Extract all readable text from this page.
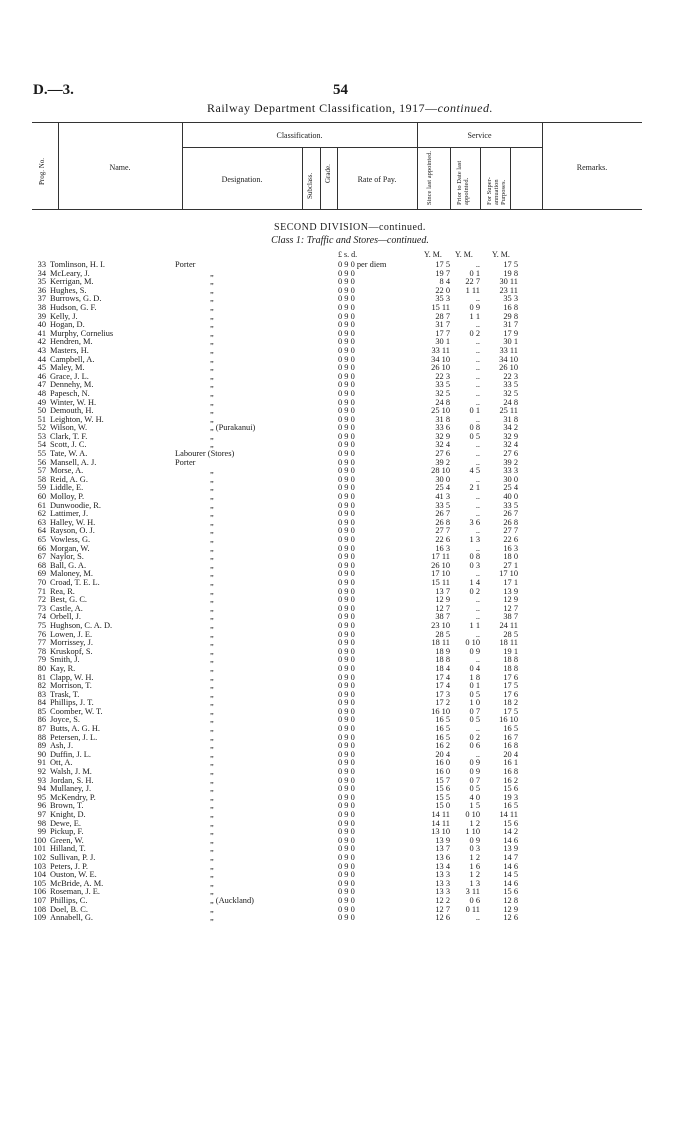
D.—3.	54
Railway Department Classification, 1917—continued.
Prog. No.	Name.
Classification.
Designation.	Subclass. Grade.	Rate of Pay.
Service
Since last appointed.	Prior to Date last appointed. For Super-annuation Purposes.
Remarks.
SECOND DIVISION—continued.
Class 1: Traffic and Stores—continued.
£ s. d.	Y. M. Y. M. Y. M.
33 Tomlinson, H. I.	Porter	0 9 0 per diem	17 5	..	17 5
34 McLeary, J.	„	0 9 0	19 7	0 1	19 8
35 Kerrigan, M.	„	0 9 0	8 4	22 7	30 11
36 Hughes, S.	„	0 9 0	22 0	1 11	23 11
37 Burrows, G. D.	„	0 9 0	35 3	..	35 3
38 Hudson, G. F.	„	0 9 0	15 11	0 9	16 8
39 Kelly, J.	„	0 9 0	28 7	1 1	29 8
40 Hogan, D.	„	0 9 0	31 7	..	31 7
41 Murphy, Cornelius	„	0 9 0	17 7	0 2	17 9
42 Hendren, M.	„	0 9 0	30 1	..	30 1
43 Masters, H.	„	0 9 0	33 11	..	33 11
44 Campbell, A.	„	0 9 0	34 10	..	34 10
45 Maley, M.	„	0 9 0	26 10	..	26 10
46 Grace, J. L.	„	0 9 0	22 3	..	22 3
47 Dennehy, M.	„	0 9 0	33 5	..	33 5
48 Papesch, N.	„	0 9 0	32 5	..	32 5
49 Winter, W. H.	„	0 9 0	24 8	..	24 8
50 Demouth, H.	„	0 9 0	25 10	0 1	25 11
51 Leighton, W. H.	„	0 9 0	31 8	..	31 8
52 Wilson, W.	„ (Purakanui)	0 9 0	33 6	0 8	34 2
53 Clark, T. F.	„	0 9 0	32 9	0 5	32 9
54 Scott, J. C.	„	0 9 0	32 4	..	32 4
55 Tate, W. A.	Labourer (Stores)	0 9 0	27 6	..	27 6
56 Mansell, A. J.	Porter	0 9 0	39 2	..	39 2
57 Morse, A.	„	0 9 0	28 10	4 5	33 3
58 Reid, A. G.	„	0 9 0	30 0	..	30 0
59 Liddle, E.	„	0 9 0	25 4	2 1	25 4
60 Molloy, P.	„	0 9 0	41 3	..	40 0
61 Dunwoodie, R.	„	0 9 0	33 5	..	33 5
62 Lattimer, J.	„	0 9 0	26 7	..	26 7
63 Halley, W. H.	„	0 9 0	26 8	3 6	26 8
64 Rayson, O. J.	„	0 9 0	27 7	..	27 7
65 Vowless, G.	„	0 9 0	22 6	1 3	22 6
66 Morgan, W.	„	0 9 0	16 3	..	16 3
67 Naylor, S.	„	0 9 0	17 11	0 8	18 0
68 Ball, G. A.	„	0 9 0	26 10	0 3	27 1
69 Maloney, M.	„	0 9 0	17 10	..	17 10
70 Croad, T. E. L.	„	0 9 0	15 11	1 4	17 1
71 Rea, R.	„	0 9 0	13 7	0 2	13 9
72 Best, G. C.	„	0 9 0	12 9	..	12 9
73 Castle, A.	„	0 9 0	12 7	..	12 7
74 Orbell, J.	„	0 9 0	38 7	..	38 7
75 Hughson, C. A. D.	„	0 9 0	23 10	1 1	24 11
76 Lowen, J. E.	„	0 9 0	28 5	..	28 5
77 Morrissey, J.	„	0 9 0	18 11	0 10	18 11
78 Kruskopf, S.	„	0 9 0	18 9	0 9	19 1
79 Smith, J.	„	0 9 0	18 8	..	18 8
80 Kay, R.	„	0 9 0	18 4	0 4	18 8
81 Clapp, W. H.	„	0 9 0	17 4	1 8	17 6
82 Morrison, T.	„	0 9 0	17 4	0 1	17 5
83 Trask, T.	„	0 9 0	17 3	0 5	17 6
84 Phillips, J. T.	„	0 9 0	17 2	1 0	18 2
85 Coomber, W. T.	„	0 9 0	16 10	0 7	17 5
86 Joyce, S.	„	0 9 0	16 5	0 5	16 10
87 Butts, A. G. H.	„	0 9 0	16 5	..	16 5
88 Petersen, J. L.	„	0 9 0	16 5	0 2	16 7
89 Ash, J.	„	0 9 0	16 2	0 6	16 8
90 Duffin, J. L.	„	0 9 0	20 4	..	20 4
91 Ott, A.	„	0 9 0	16 0	0 9	16 1
92 Walsh, J. M.	„	0 9 0	16 0	0 9	16 8
93 Jordan, S. H.	„	0 9 0	15 7	0 7	16 2
94 Mullaney, J.	„	0 9 0	15 6	0 5	15 6
95 McKendry, P.	„	0 9 0	15 5	4 0	19 3
96 Brown, T.	„	0 9 0	15 0	1 5	16 5
97 Knight, D.	„	0 9 0	14 11	0 10	14 11
98 Dewe, E.	„	0 9 0	14 11	1 2	15 6
99 Pickup, F.	„	0 9 0	13 10	1 10	14 2
100 Green, W.	„	0 9 0	13 9	0 9	14 6
101 Hilland, T.	„	0 9 0	13 7	0 3	13 9
102 Sullivan, P. J.	„	0 9 0	13 6	1 2	14 7
103 Peters, J. P.	„	0 9 0	13 4	1 6	14 6
104 Ouston, W. E.	„	0 9 0	13 3	1 2	14 5
105 McBride, A. M.	„	0 9 0	13 3	1 3	14 6
106 Roseman, J. E.	„	0 9 0	13 3	3 11	15 6
107 Phillips, C.	„ (Auckland)	0 9 0	12 2	0 6	12 8
108 Doel, B. C.	„	0 9 0	12 7	0 11	12 9
109 Annabell, G.	„	0 9 0	12 6	..	12 6
